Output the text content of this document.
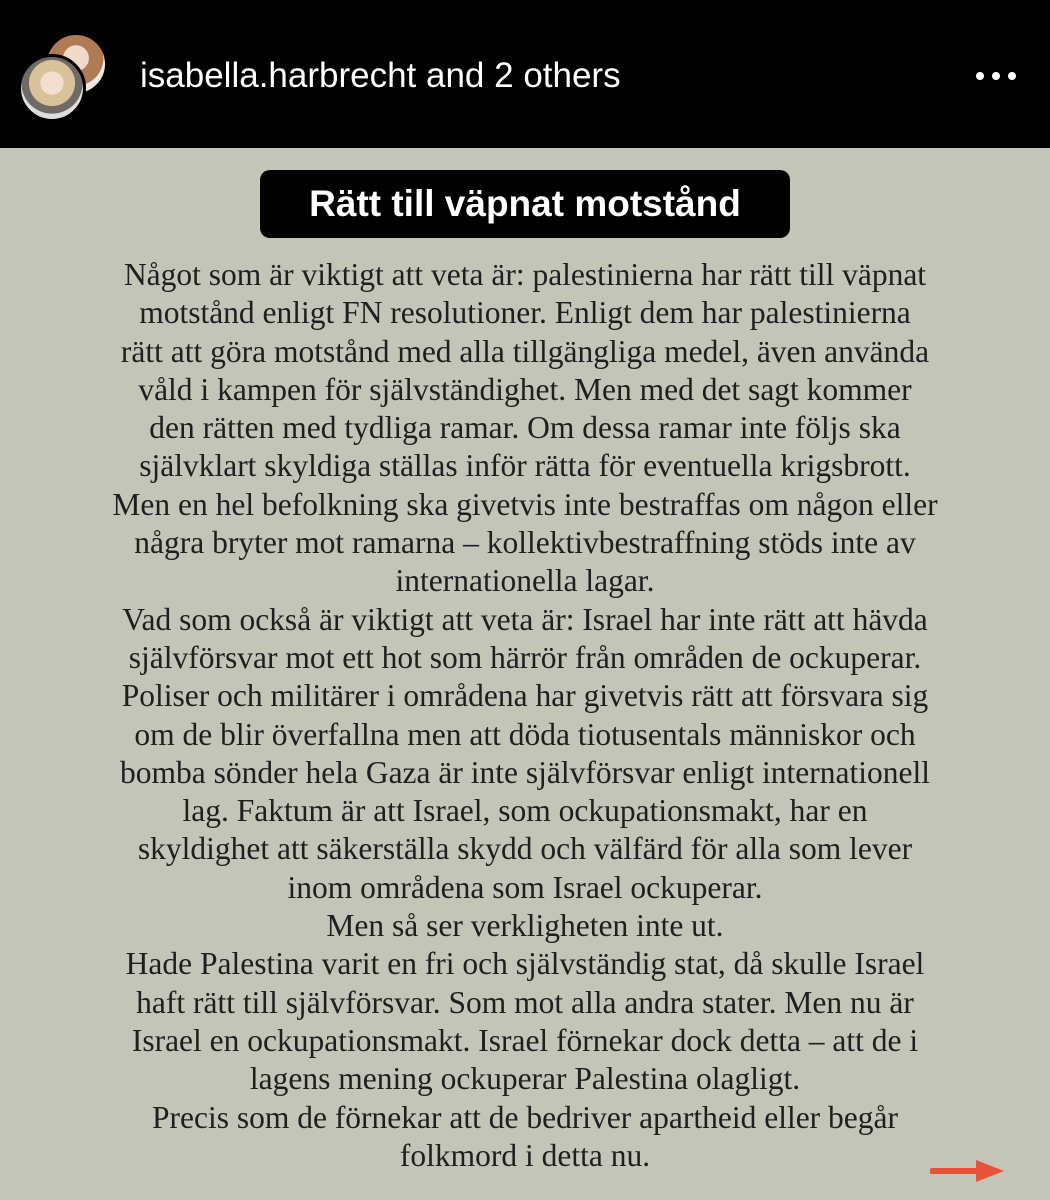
isabella.harbrecht and 2 others
Rätt till väpnat motstånd
Något som är viktigt att veta är: palestinierna har rätt till väpnat
motstånd enligt FN resolutioner. Enligt dem har palestinierna
rätt att göra motstånd med alla tillgängliga medel, även använda
våld i kampen för självständighet. Men med det sagt kommer
den rätten med tydliga ramar. Om dessa ramar inte följs ska
självklart skyldiga ställas inför rätta för eventuella krigsbrott.
Men en hel befolkning ska givetvis inte bestraffas om någon eller
några bryter mot ramarna – kollektivbestraffning stöds inte av
internationella lagar.
Vad som också är viktigt att veta är: Israel har inte rätt att hävda
självförsvar mot ett hot som härrör från områden de ockuperar.
Poliser och militärer i områdena har givetvis rätt att försvara sig
om de blir överfallna men att döda tiotusentals människor och
bomba sönder hela Gaza är inte självförsvar enligt internationell
lag. Faktum är att Israel, som ockupationsmakt, har en
skyldighet att säkerställa skydd och välfärd för alla som lever
inom områdena som Israel ockuperar.
Men så ser verkligheten inte ut.
Hade Palestina varit en fri och självständig stat, då skulle Israel
haft rätt till självförsvar. Som mot alla andra stater. Men nu är
Israel en ockupationsmakt. Israel förnekar dock detta – att de i
lagens mening ockuperar Palestina olagligt.
Precis som de förnekar att de bedriver apartheid eller begår
folkmord i detta nu.
